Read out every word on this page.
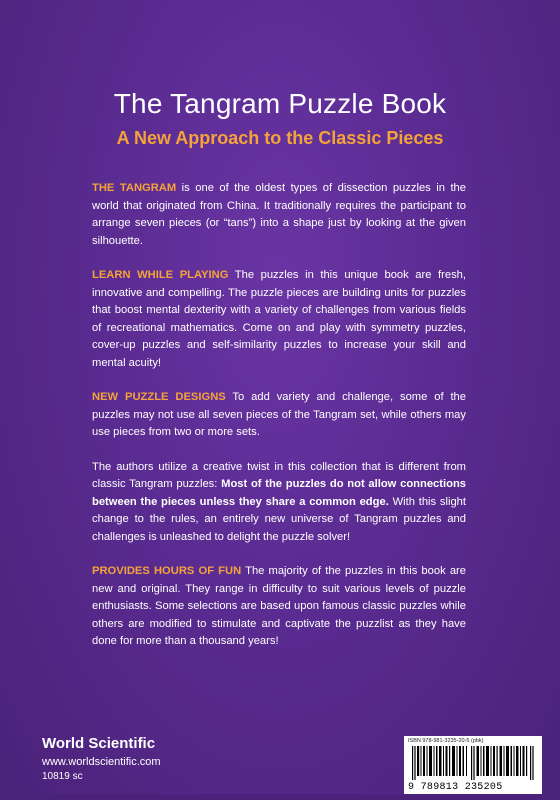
The Tangram Puzzle Book
A New Approach to the Classic Pieces

THE TANGRAM is one of the oldest types of dissection puzzles in the world that originated from China. It traditionally requires the participant to arrange seven pieces (or “tans”) into a shape just by looking at the given silhouette.

LEARN WHILE PLAYING The puzzles in this unique book are fresh, innovative and compelling. The puzzle pieces are building units for puzzles that boost mental dexterity with a variety of challenges from various fields of recreational mathematics. Come on and play with symmetry puzzles, cover-up puzzles and self-similarity puzzles to increase your skill and mental acuity!

NEW PUZZLE DESIGNS To add variety and challenge, some of the puzzles may not use all seven pieces of the Tangram set, while others may use pieces from two or more sets.

The authors utilize a creative twist in this collection that is different from classic Tangram puzzles: Most of the puzzles do not allow connections between the pieces unless they share a common edge. With this slight change to the rules, an entirely new universe of Tangram puzzles and challenges is unleashed to delight the puzzle solver!

PROVIDES HOURS OF FUN The majority of the puzzles in this book are new and original. They range in difficulty to suit various levels of puzzle enthusiasts. Some selections are based upon famous classic puzzles while others are modified to stimulate and captivate the puzzlist as they have done for more than a thousand years!

World Scientific
www.worldscientific.com
10819 sc
ISBN 978-981-3235-20-5 (pbk)
9 789813 235205
